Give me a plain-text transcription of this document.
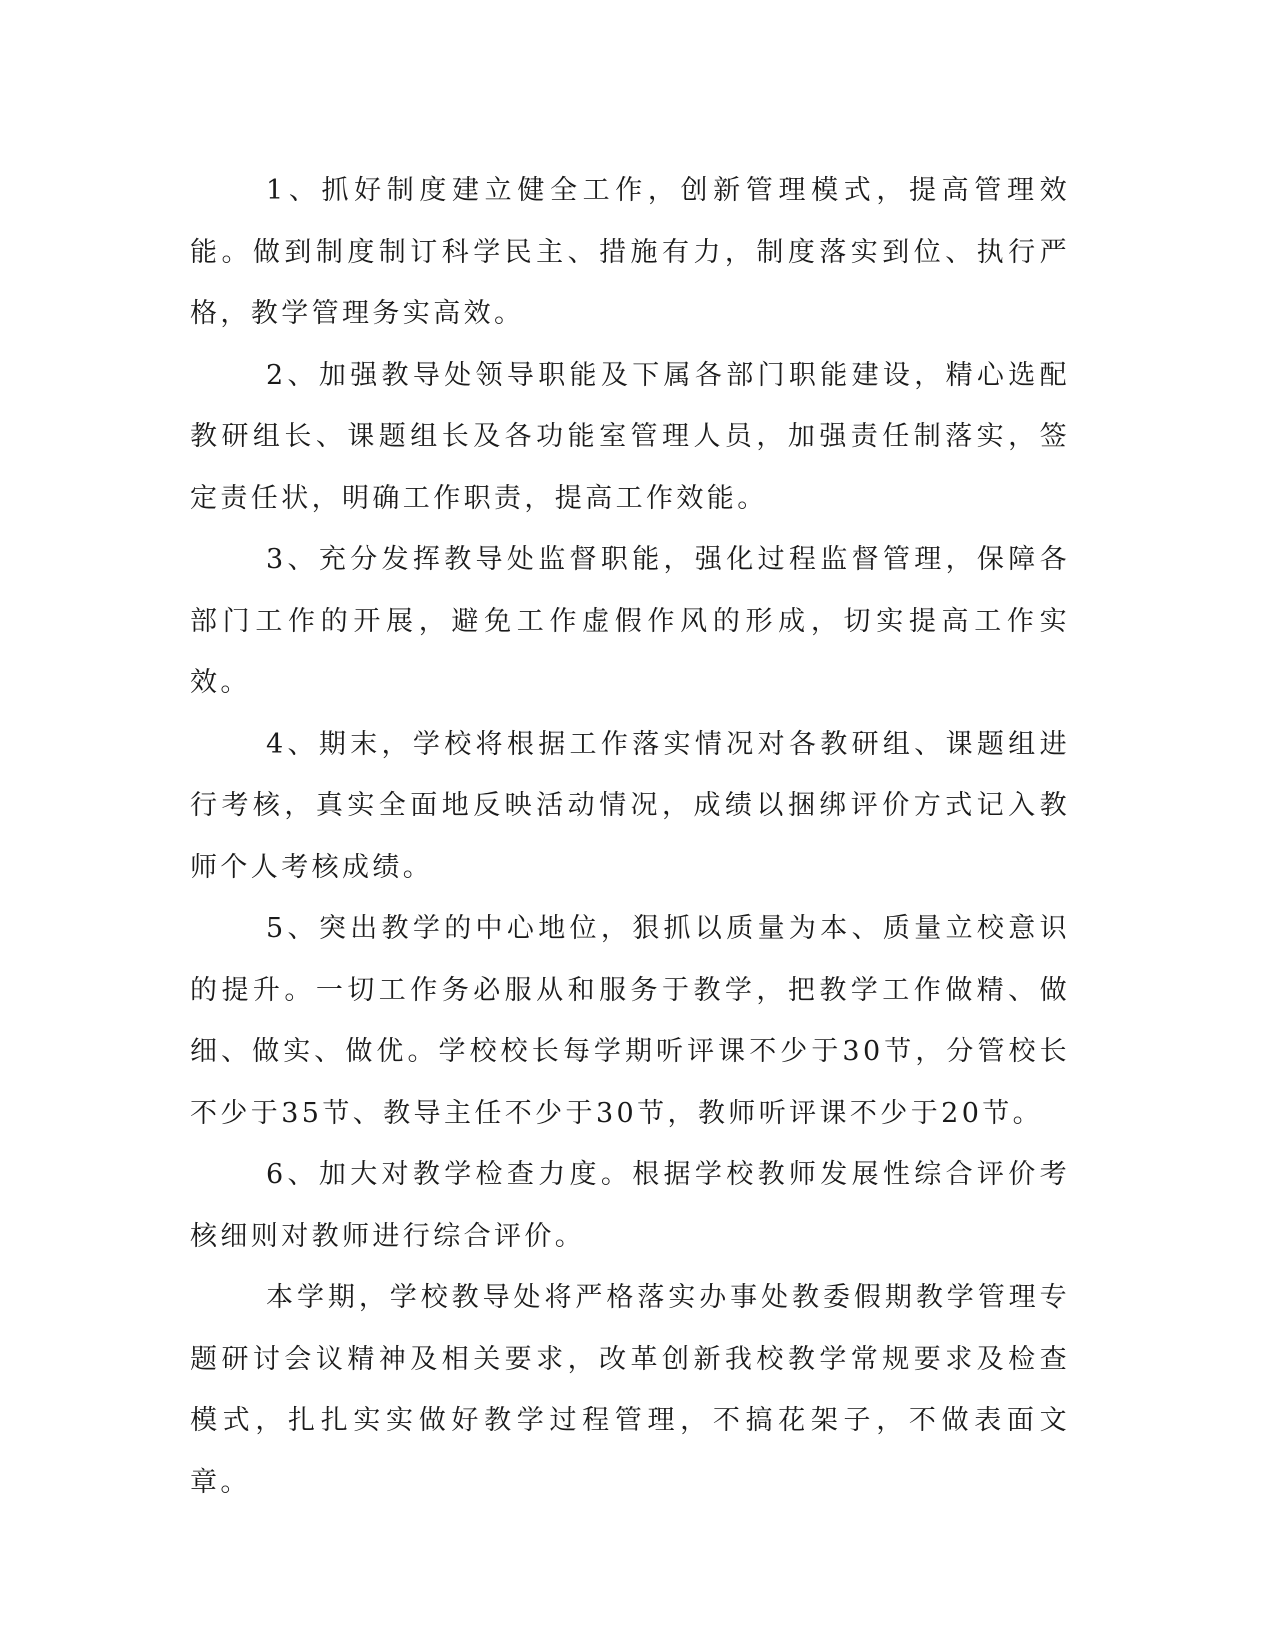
1、抓好制度建立健全工作，创新管理模式，提高管理效能。做到制度制订科学民主、措施有力，制度落实到位、执行严格，教学管理务实高效。

2、加强教导处领导职能及下属各部门职能建设，精心选配教研组长、课题组长及各功能室管理人员，加强责任制落实，签定责任状，明确工作职责，提高工作效能。

3、充分发挥教导处监督职能，强化过程监督管理，保障各部门工作的开展，避免工作虚假作风的形成，切实提高工作实效。

4、期末，学校将根据工作落实情况对各教研组、课题组进行考核，真实全面地反映活动情况，成绩以捆绑评价方式记入教师个人考核成绩。

5、突出教学的中心地位，狠抓以质量为本、质量立校意识的提升。一切工作务必服从和服务于教学，把教学工作做精、做细、做实、做优。学校校长每学期听评课不少于30节，分管校长不少于35节、教导主任不少于30节，教师听评课不少于20节。

6、加大对教学检查力度。根据学校教师发展性综合评价考核细则对教师进行综合评价。

本学期，学校教导处将严格落实办事处教委假期教学管理专题研讨会议精神及相关要求，改革创新我校教学常规要求及检查模式，扎扎实实做好教学过程管理，不搞花架子，不做表面文章。
